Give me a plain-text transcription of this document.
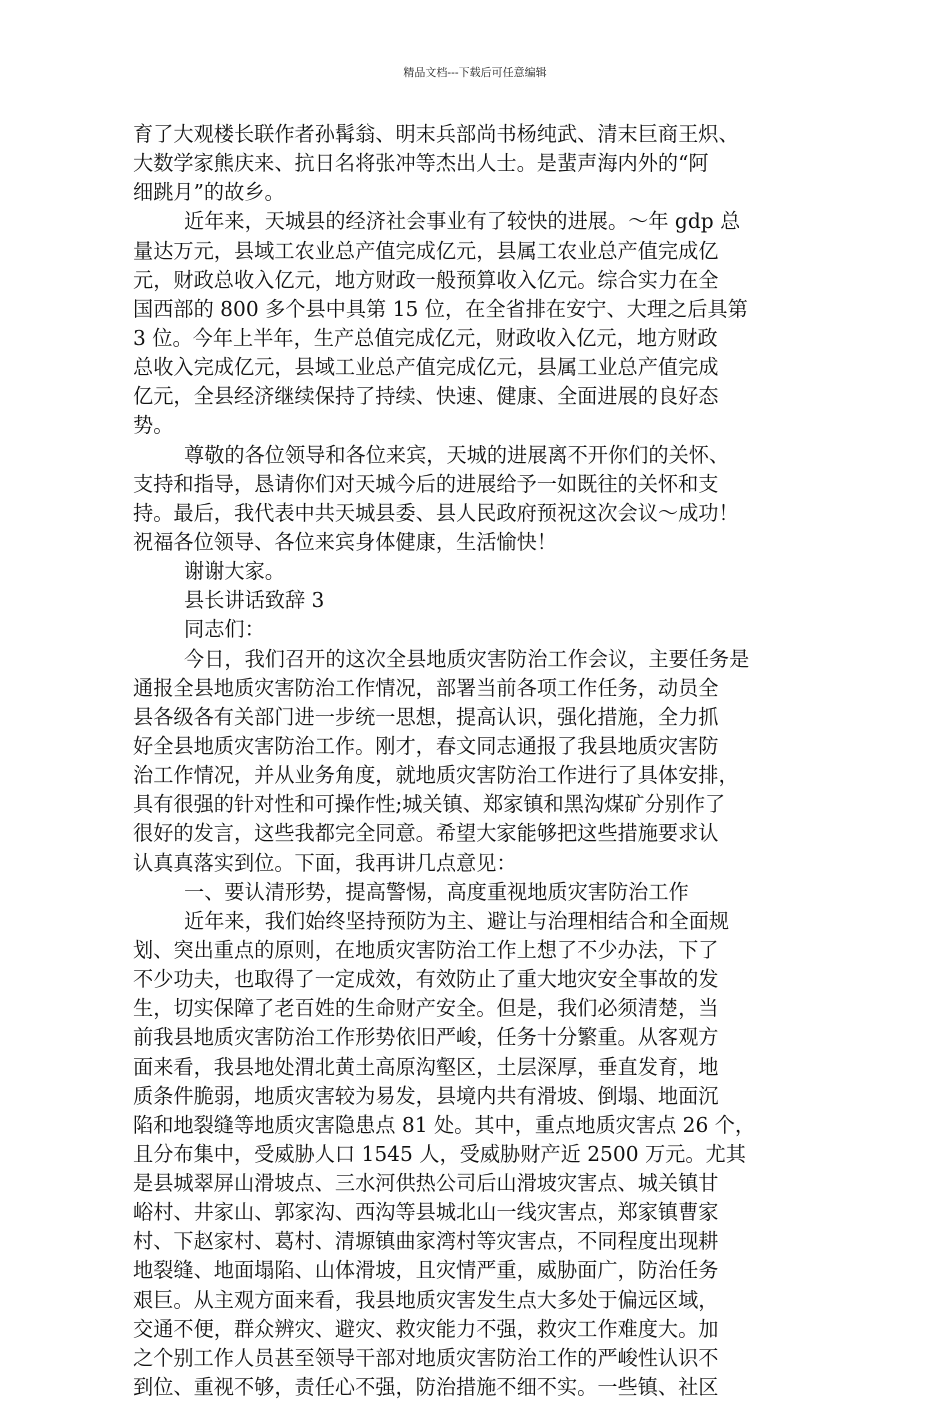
精品文档---下载后可任意编辑
育了大观楼长联作者孙髯翁、明末兵部尚书杨纯武、清末巨商王炽、
大数学家熊庆来、抗日名将张冲等杰出人士。是蜚声海内外的“阿
细跳月”的故乡。
近年来，天城县的经济社会事业有了较快的进展。～年 gdp 总
量达万元，县域工农业总产值完成亿元，县属工农业总产值完成亿
元，财政总收入亿元，地方财政一般预算收入亿元。综合实力在全
国西部的 800 多个县中具第 15 位，在全省排在安宁、大理之后具第
3 位。今年上半年，生产总值完成亿元，财政收入亿元，地方财政
总收入完成亿元，县域工业总产值完成亿元，县属工业总产值完成
亿元，全县经济继续保持了持续、快速、健康、全面进展的良好态
势。
尊敬的各位领导和各位来宾，天城的进展离不开你们的关怀、
支持和指导，恳请你们对天城今后的进展给予一如既往的关怀和支
持。最后，我代表中共天城县委、县人民政府预祝这次会议～成功！
祝福各位领导、各位来宾身体健康，生活愉快！
谢谢大家。
县长讲话致辞 3
同志们：
今日，我们召开的这次全县地质灾害防治工作会议，主要任务是
通报全县地质灾害防治工作情况，部署当前各项工作任务，动员全
县各级各有关部门进一步统一思想，提高认识，强化措施，全力抓
好全县地质灾害防治工作。刚才，春文同志通报了我县地质灾害防
治工作情况，并从业务角度，就地质灾害防治工作进行了具体安排，
具有很强的针对性和可操作性;城关镇、郑家镇和黑沟煤矿分别作了
很好的发言，这些我都完全同意。希望大家能够把这些措施要求认
认真真落实到位。下面，我再讲几点意见：
一、要认清形势，提高警惕，高度重视地质灾害防治工作
近年来，我们始终坚持预防为主、避让与治理相结合和全面规
划、突出重点的原则，在地质灾害防治工作上想了不少办法，下了
不少功夫，也取得了一定成效，有效防止了重大地灾安全事故的发
生，切实保障了老百姓的生命财产安全。但是，我们必须清楚，当
前我县地质灾害防治工作形势依旧严峻，任务十分繁重。从客观方
面来看，我县地处渭北黄土高原沟壑区，土层深厚，垂直发育，地
质条件脆弱，地质灾害较为易发，县境内共有滑坡、倒塌、地面沉
陷和地裂缝等地质灾害隐患点 81 处。其中，重点地质灾害点 26 个，
且分布集中，受威胁人口 1545 人，受威胁财产近 2500 万元。尤其
是县城翠屏山滑坡点、三水河供热公司后山滑坡灾害点、城关镇甘
峪村、井家山、郭家沟、西沟等县城北山一线灾害点，郑家镇曹家
村、下赵家村、葛村、清塬镇曲家湾村等灾害点，不同程度出现耕
地裂缝、地面塌陷、山体滑坡，且灾情严重，威胁面广，防治任务
艰巨。从主观方面来看，我县地质灾害发生点大多处于偏远区域，
交通不便，群众辨灾、避灾、救灾能力不强，救灾工作难度大。加
之个别工作人员甚至领导干部对地质灾害防治工作的严峻性认识不
到位、重视不够，责任心不强，防治措施不细不实。一些镇、社区
